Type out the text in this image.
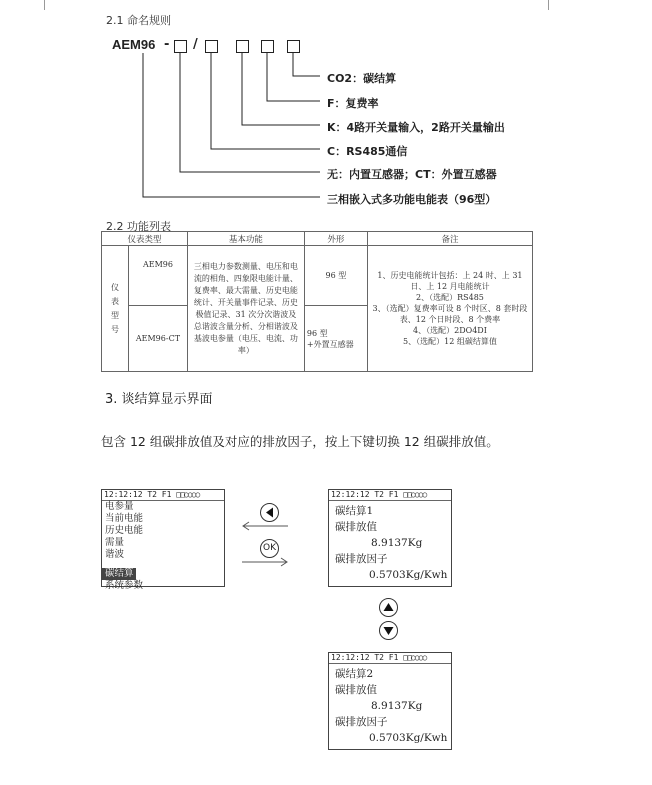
2.1 命名规则
AEM96 - /
CO2：碳结算
F：复费率
K：4路开关量输入，2路开关量输出
C：RS485通信
无：内置互感器；CT：外置互感器
三相嵌入式多功能电能表（96型）
2.2 功能列表
仪表类型		基本功能	外形	备注
仪表型号	AEM96	三相电力参数测量、电压和电流的相角、四象限电能计量、复费率、最大需量、历史电能统计、开关量事件记录、历史极值记录、31 次分次谐波及总谐波含量分析、分相谐波及基波电参量（电压、电流、功率）	96 型	1、历史电能统计包括：上 24 时、上 31 日、上 12 月电能统计
2、（选配）RS485
3、（选配）复费率可设 8 个时区、8 套时段表、12 个日时段、8 个费率
4、（选配）2DO4DI
5、（选配）12 组碳结算值

	AEM96-CT		96 型
+外置互感器	
3. 谈结算显示界面
包含 12 组碳排放值及对应的排放因子，按上下键切换 12 组碳排放值。
12:12:12 T2 F1 □□○○○○
电参量
当前电能
历史电能
需量
谐波
碳结算
系统参数
OK
12:12:12 T2 F1 □□○○○○
碳结算1
碳排放值
8.9137Kg
碳排放因子
0.5703Kg/Kwh
12:12:12 T2 F1 □□○○○○
碳结算2
碳排放值
8.9137Kg
碳排放因子
0.5703Kg/Kwh
